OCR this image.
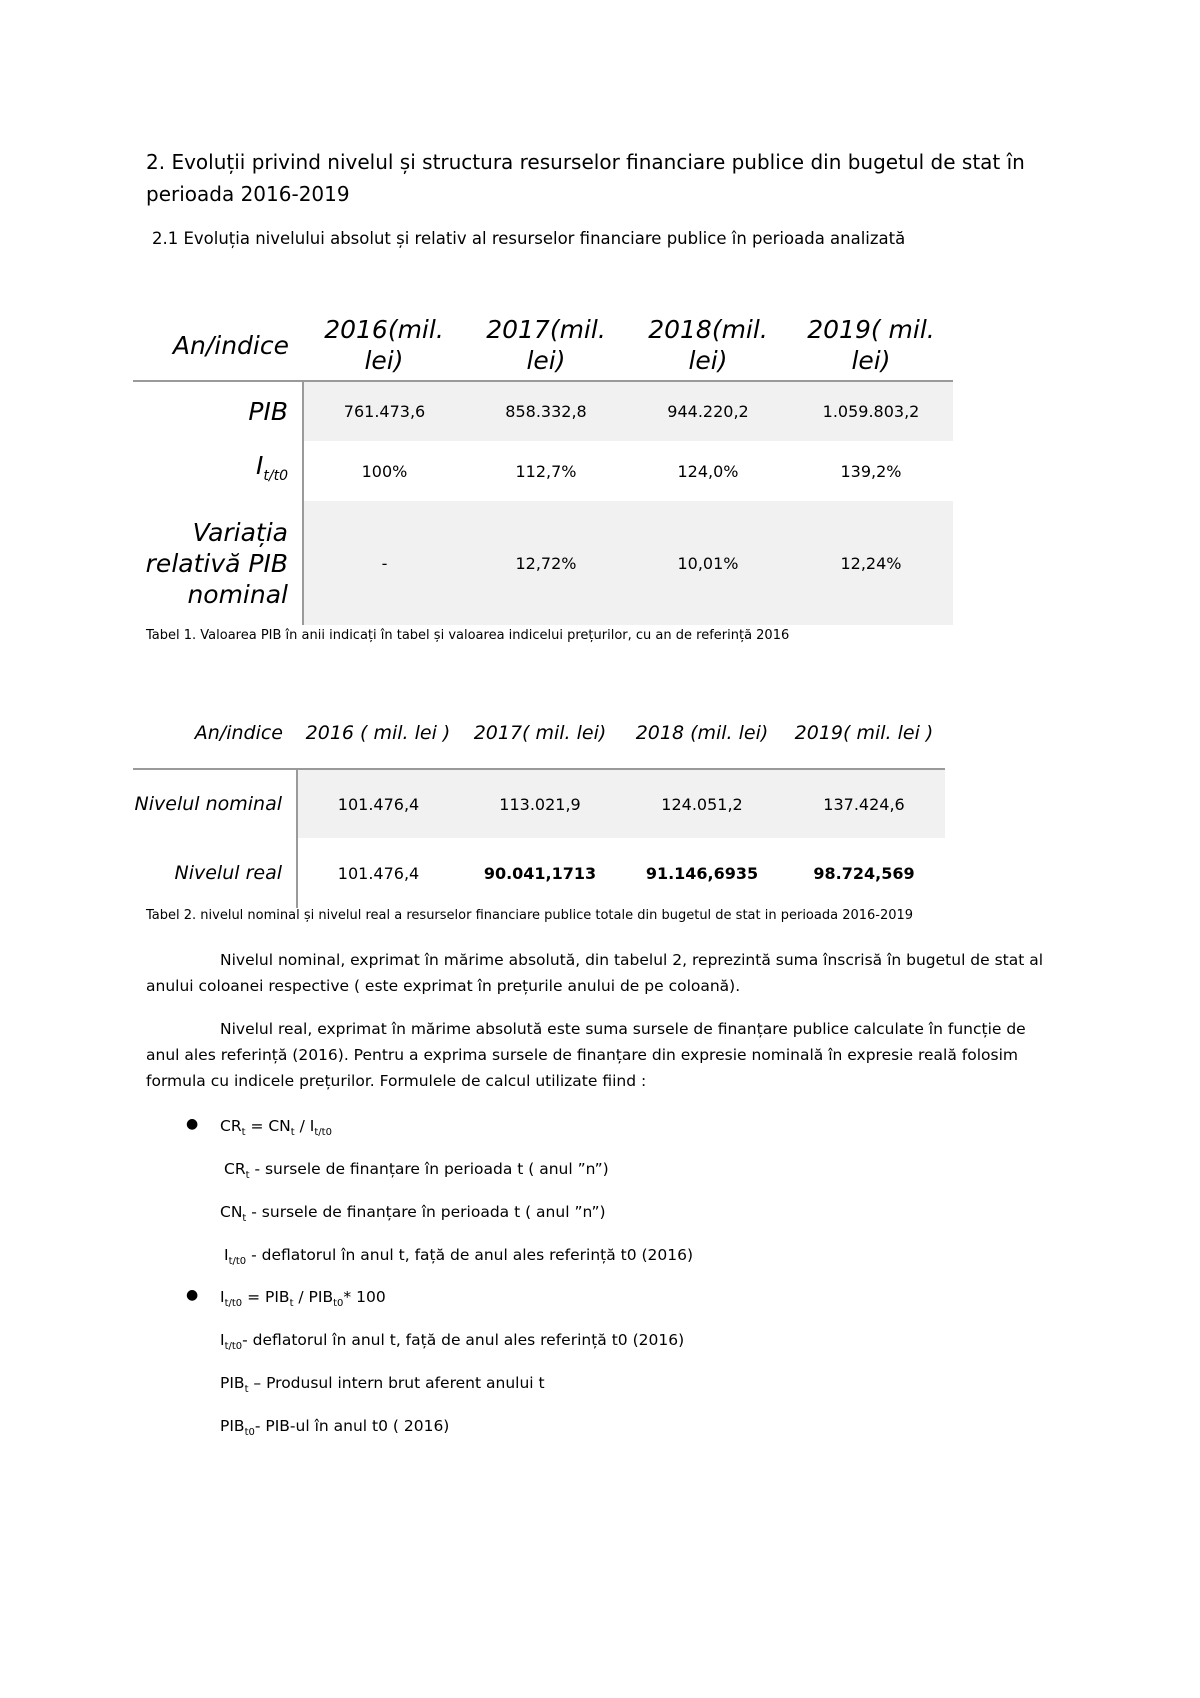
2. Evoluții privind nivelul și structura resurselor financiare publice din bugetul de stat în perioada 2016-2019
2.1 Evoluția nivelului absolut și relativ al resurselor financiare publice în perioada analizată
An/indice	2016(mil. lei)	2017(mil. lei)	2018(mil. lei)	2019( mil. lei)
PIB	761.473,6	858.332,8	944.220,2	1.059.803,2
$I_{t/t0}$	100%	112,7%	124,0%	139,2%
Variația relativă PIB nominal	-	12,72%	10,01%	12,24%
Tabel 1. Valoarea PIB în anii indicați în tabel și valoarea indicelui prețurilor, cu an de referință 2016
An/indice	2016 ( mil. lei )	2017( mil. lei)	2018 (mil. lei)	2019( mil. lei )
Nivelul nominal	101.476,4	113.021,9	124.051,2	137.424,6
Nivelul real	101.476,4	90.041,1713	91.146,6935	98.724,569
Tabel 2. nivelul nominal și nivelul real a resurselor financiare publice totale din bugetul de stat in perioada 2016-2019
Nivelul nominal, exprimat în mărime absolută, din tabelul 2, reprezintă suma înscrisă în bugetul de stat al anului coloanei respective ( este exprimat în prețurile anului de pe coloană).
Nivelul real, exprimat în mărime absolută este suma sursele de finanțare publice calculate în funcție de anul ales referință (2016). Pentru a exprima sursele de finanțare din expresie nominală în expresie reală folosim formula cu indicele prețurilor. Formulele de calcul utilizate fiind :
● $CR_t = CN_t / I_{t/t0}$
$CR_t$ - sursele de finanțare în perioada t ( anul ”n”)
$CN_t$ - sursele de finanțare în perioada t ( anul ”n”)
$I_{t/t0}$ - deflatorul în anul t, față de anul ales referință t0 (2016)
● $I_{t/t0} = PIB_t / PIB_{t0}*$ 100
$I_{t/t0}-$ deflatorul în anul t, față de anul ales referință t0 (2016)
$PIB_t$ – Produsul intern brut aferent anului t
$PIB_{t0}-$ PIB-ul în anul t0 ( 2016)
